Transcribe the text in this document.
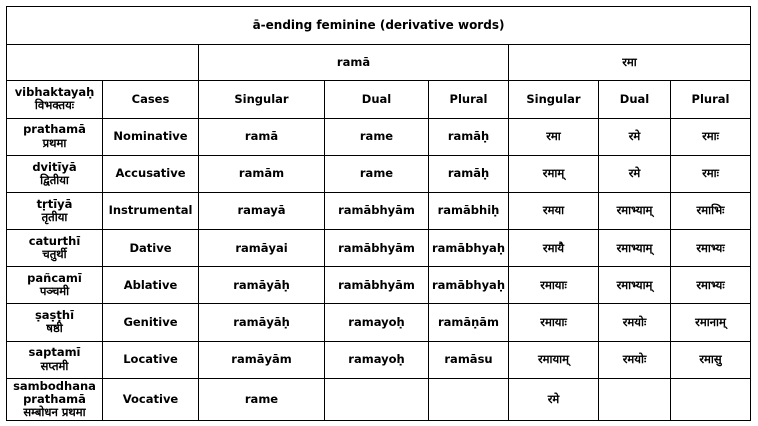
ā-ending feminine (derivative words)							
		ramā			रमा		

vibhaktayaḥ
विभक्तयः	Cases	Singular	Dual	Plural	Singular	Dual	Plural

prathamā
प्रथमा	Nominative	ramā	rame	ramāḥ	रमा	रमे	रमाः

dvitīyā
द्वितीया	Accusative	ramām	rame	ramāḥ	रमाम्	रमे	रमाः

tṛtīyā
तृतीया	Instrumental	ramayā	ramābhyām	ramābhiḥ	रमया	रमाभ्याम्	रमाभिः

caturthī
चतुर्थी	Dative	ramāyai	ramābhyām	ramābhyaḥ	रमायै	रमाभ्याम्	रमाभ्यः

pañcamī
पञ्चमी	Ablative	ramāyāḥ	ramābhyām	ramābhyaḥ	रमायाः	रमाभ्याम्	रमाभ्यः

ṣaṣṭhī
षष्ठी	Genitive	ramāyāḥ	ramayoḥ	ramāṇām	रमायाः	रमयोः	रमानाम्

saptamī
सप्तमी	Locative	ramāyām	ramayoḥ	ramāsu	रमायाम्	रमयोः	रमासु

sambodhana prathamā
सम्बोधन प्रथमा	Vocative	rame			रमे		
